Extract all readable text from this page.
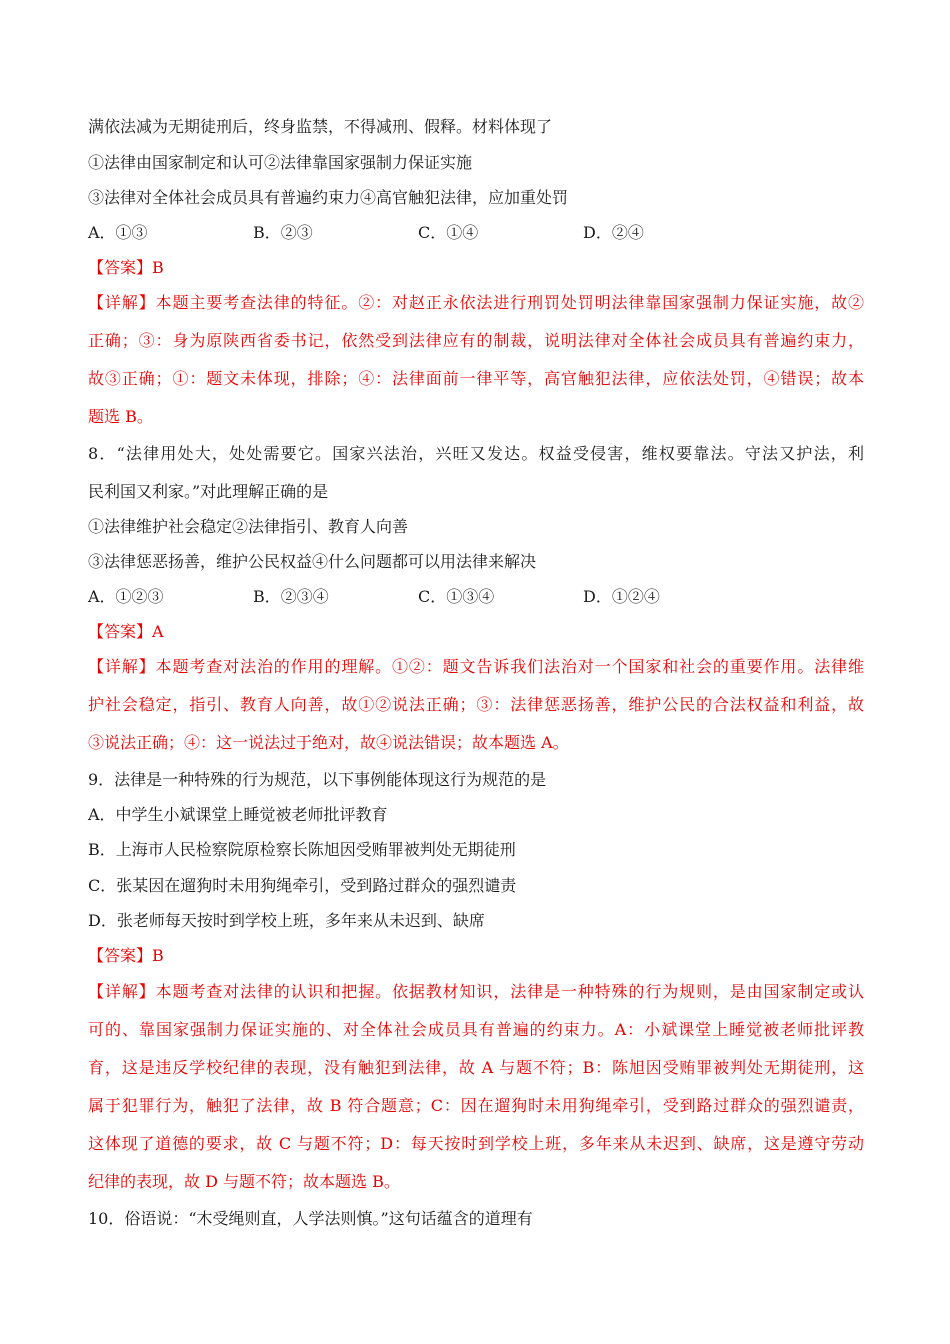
满依法减为无期徒刑后，终身监禁，不得减刑、假释。材料体现了
①法律由国家制定和认可②法律靠国家强制力保证实施
③法律对全体社会成员具有普遍约束力④高官触犯法律，应加重处罚
A．①③	B．②③	C．①④	D．②④
【答案】B
【详解】本题主要考查法律的特征。②：对赵正永依法进行刑罚处罚明法律靠国家强制力保证实施，故②
正确；③：身为原陕西省委书记，依然受到法律应有的制裁，说明法律对全体社会成员具有普遍约束力，
故③正确；①：题文未体现，排除；④：法律面前一律平等，高官触犯法律，应依法处罚，④错误；故本
题选 B。
8．“法律用处大，处处需要它。国家兴法治，兴旺又发达。权益受侵害，维权要靠法。守法又护法，利
民利国又利家。”对此理解正确的是
①法律维护社会稳定②法律指引、教育人向善
③法律惩恶扬善，维护公民权益④什么问题都可以用法律来解决
A．①②③	B．②③④	C．①③④	D．①②④
【答案】A
【详解】本题考查对法治的作用的理解。①②：题文告诉我们法治对一个国家和社会的重要作用。法律维
护社会稳定，指引、教育人向善，故①②说法正确；③：法律惩恶扬善，维护公民的合法权益和利益，故
③说法正确；④：这一说法过于绝对，故④说法错误；故本题选 A。
9．法律是一种特殊的行为规范，以下事例能体现这行为规范的是
A．中学生小斌课堂上睡觉被老师批评教育
B．上海市人民检察院原检察长陈旭因受贿罪被判处无期徒刑
C．张某因在遛狗时未用狗绳牵引，受到路过群众的强烈谴责
D．张老师每天按时到学校上班，多年来从未迟到、缺席
【答案】B
【详解】本题考查对法律的认识和把握。依据教材知识，法律是一种特殊的行为规则，是由国家制定或认
可的、靠国家强制力保证实施的、对全体社会成员具有普遍的约束力。A：小斌课堂上睡觉被老师批评教
育，这是违反学校纪律的表现，没有触犯到法律，故 A 与题不符；B：陈旭因受贿罪被判处无期徒刑，这
属于犯罪行为，触犯了法律，故 B 符合题意；C：因在遛狗时未用狗绳牵引，受到路过群众的强烈谴责，
这体现了道德的要求，故 C 与题不符；D：每天按时到学校上班，多年来从未迟到、缺席，这是遵守劳动
纪律的表现，故 D 与题不符；故本题选 B。
10．俗语说：“木受绳则直，人学法则慎。”这句话蕴含的道理有
